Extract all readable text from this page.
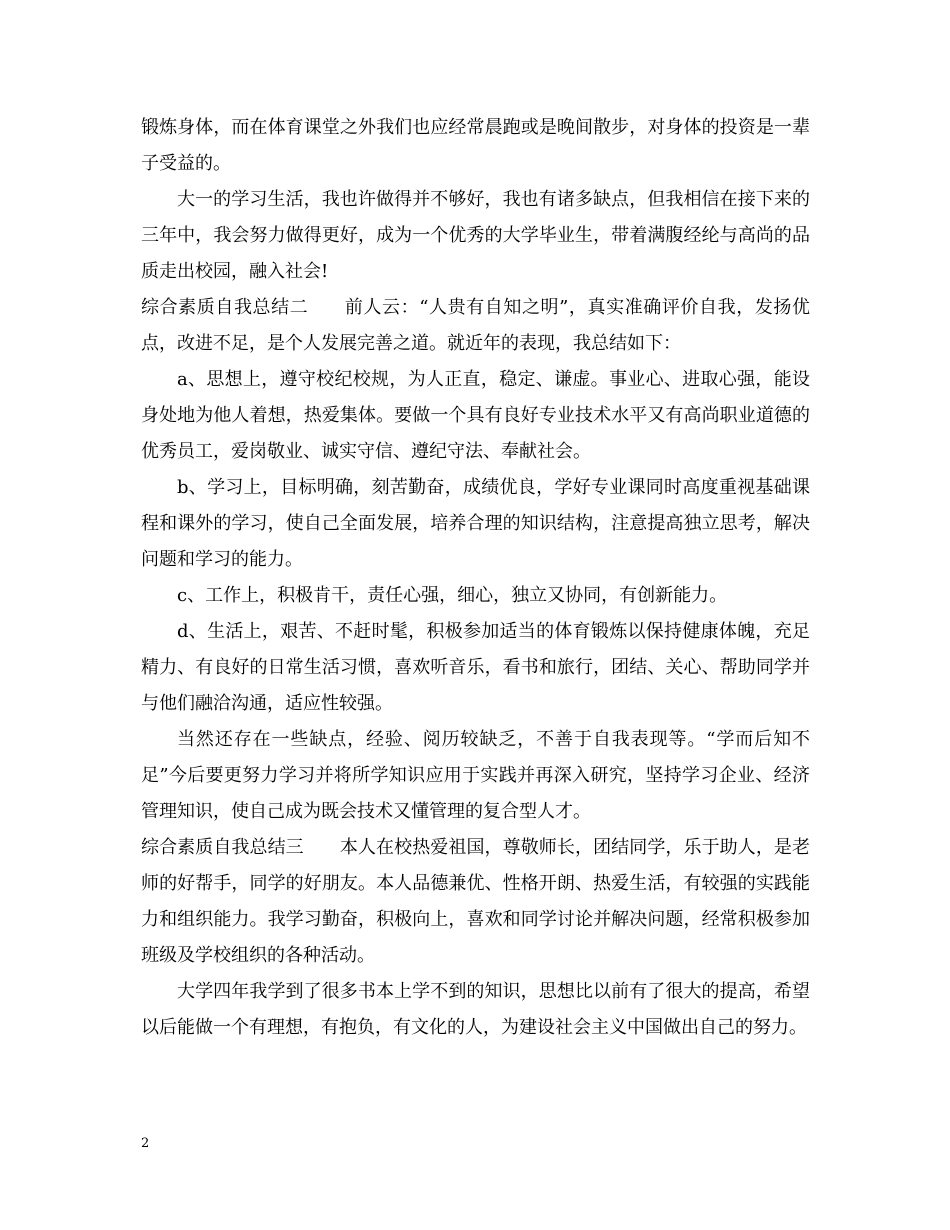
锻炼身体，而在体育课堂之外我们也应经常晨跑或是晚间散步，对身体的投资是一辈子受益的。

大一的学习生活，我也许做得并不够好，我也有诸多缺点，但我相信在接下来的三年中，我会努力做得更好，成为一个优秀的大学毕业生，带着满腹经纶与高尚的品质走出校园，融入社会!

综合素质自我总结二 前人云：“人贵有自知之明”，真实准确评价自我，发扬优点，改进不足，是个人发展完善之道。就近年的表现，我总结如下：

a、思想上，遵守校纪校规，为人正直，稳定、谦虚。事业心、进取心强，能设身处地为他人着想，热爱集体。要做一个具有良好专业技术水平又有高尚职业道德的优秀员工，爱岗敬业、诚实守信、遵纪守法、奉献社会。

b、学习上，目标明确，刻苦勤奋，成绩优良，学好专业课同时高度重视基础课程和课外的学习，使自己全面发展，培养合理的知识结构，注意提高独立思考，解决问题和学习的能力。

c、工作上，积极肯干，责任心强，细心，独立又协同，有创新能力。

d、生活上，艰苦、不赶时髦，积极参加适当的体育锻炼以保持健康体魄，充足精力、有良好的日常生活习惯，喜欢听音乐，看书和旅行，团结、关心、帮助同学并与他们融洽沟通，适应性较强。

当然还存在一些缺点，经验、阅历较缺乏，不善于自我表现等。“学而后知不足”今后要更努力学习并将所学知识应用于实践并再深入研究，坚持学习企业、经济管理知识，使自己成为既会技术又懂管理的复合型人才。

综合素质自我总结三 本人在校热爱祖国，尊敬师长，团结同学，乐于助人，是老师的好帮手，同学的好朋友。本人品德兼优、性格开朗、热爱生活，有较强的实践能力和组织能力。我学习勤奋，积极向上，喜欢和同学讨论并解决问题，经常积极参加班级及学校组织的各种活动。

大学四年我学到了很多书本上学不到的知识，思想比以前有了很大的提高，希望以后能做一个有理想，有抱负，有文化的人，为建设社会主义中国做出自己的努力。

2
